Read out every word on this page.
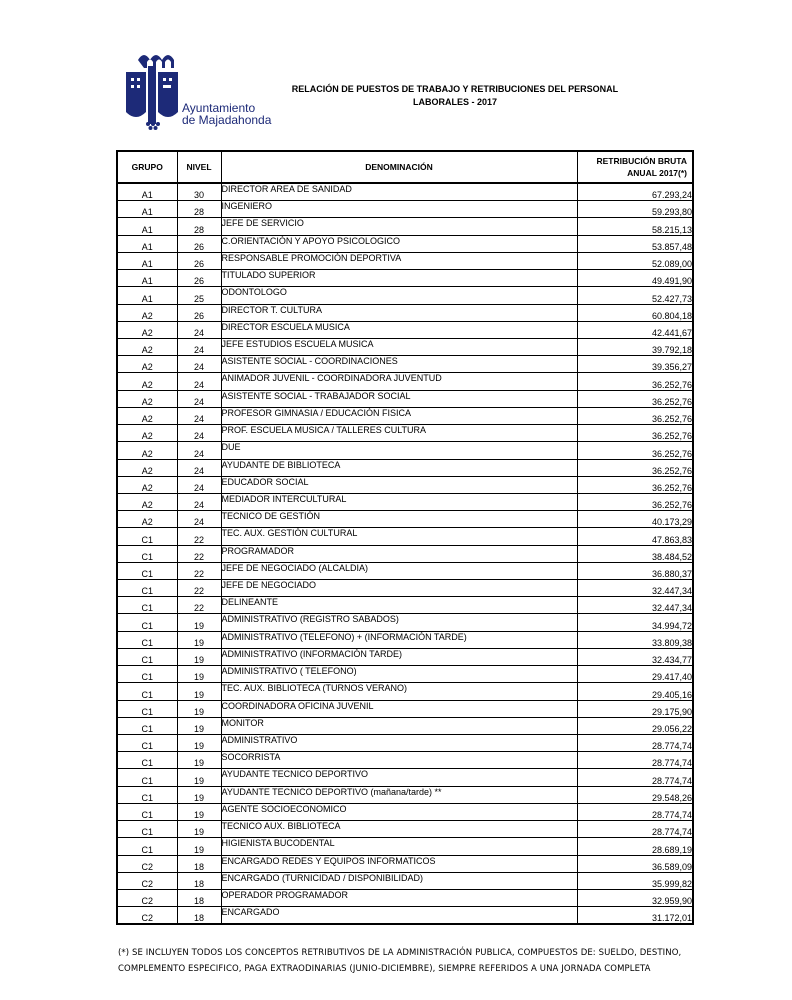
Ayuntamiento
de Majadahonda
RELACIÓN DE PUESTOS DE TRABAJO Y RETRIBUCIONES DEL PERSONAL
LABORALES - 2017
GRUPO	NIVEL	DENOMINACIÓN	RETRIBUCIÓN BRUTA
ANUAL 2017(*)
A1	30	DIRECTOR AREA DE SANIDAD	67.293,24
A1	28	INGENIERO	59.293,80
A1	28	JEFE DE SERVICIO	58.215,13
A1	26	C.ORIENTACIÓN Y APOYO PSICOLOGICO	53.857,48
A1	26	RESPONSABLE PROMOCIÓN DEPORTIVA	52.089,00
A1	26	TITULADO SUPERIOR	49.491,90
A1	25	ODONTOLOGO	52.427,73
A2	26	DIRECTOR T. CULTURA	60.804,18
A2	24	DIRECTOR ESCUELA MUSICA	42.441,67
A2	24	JEFE ESTUDIOS ESCUELA MUSICA	39.792,18
A2	24	ASISTENTE SOCIAL - COORDINACIONES	39.356,27
A2	24	ANIMADOR JUVENIL - COORDINADORA JUVENTUD	36.252,76
A2	24	ASISTENTE SOCIAL - TRABAJADOR SOCIAL	36.252,76
A2	24	PROFESOR GIMNASIA / EDUCACIÓN FISICA	36.252,76
A2	24	PROF. ESCUELA MUSICA / TALLERES CULTURA	36.252,76
A2	24	DUE	36.252,76
A2	24	AYUDANTE DE BIBLIOTECA	36.252,76
A2	24	EDUCADOR SOCIAL	36.252,76
A2	24	MEDIADOR INTERCULTURAL	36.252,76
A2	24	TECNICO DE GESTIÓN	40.173,29
C1	22	TEC. AUX. GESTIÓN CULTURAL	47.863,83
C1	22	PROGRAMADOR	38.484,52
C1	22	JEFE DE NEGOCIADO (ALCALDIA)	36.880,37
C1	22	JEFE DE NEGOCIADO	32.447,34
C1	22	DELINEANTE	32.447,34
C1	19	ADMINISTRATIVO (REGISTRO SABADOS)	34.994,72
C1	19	ADMINISTRATIVO (TELEFONO) + (INFORMACIÓN TARDE)	33.809,38
C1	19	ADMINISTRATIVO (INFORMACIÓN TARDE)	32.434,77
C1	19	ADMINISTRATIVO ( TELEFONO)	29.417,40
C1	19	TEC. AUX. BIBLIOTECA (TURNOS VERANO)	29.405,16
C1	19	COORDINADORA OFICINA JUVENIL	29.175,90
C1	19	MONITOR	29.056,22
C1	19	ADMINISTRATIVO	28.774,74
C1	19	SOCORRISTA	28.774,74
C1	19	AYUDANTE TECNICO DEPORTIVO	28.774,74
C1	19	AYUDANTE TECNICO DEPORTIVO (mañana/tarde) **	29.548,26
C1	19	AGENTE SOCIOECONOMICO	28.774,74
C1	19	TECNICO AUX. BIBLIOTECA	28.774,74
C1	19	HIGIENISTA BUCODENTAL	28.689,19
C2	18	ENCARGADO REDES Y EQUIPOS INFORMATICOS	36.589,09
C2	18	ENCARGADO (TURNICIDAD / DISPONIBILIDAD)	35.999,82
C2	18	OPERADOR PROGRAMADOR	32.959,90
C2	18	ENCARGADO	31.172,01
(*) SE INCLUYEN TODOS LOS CONCEPTOS RETRIBUTIVOS DE LA ADMINISTRACIÓN PUBLICA, COMPUESTOS DE: SUELDO, DESTINO,
COMPLEMENTO ESPECIFICO, PAGA EXTRAODINARIAS (JUNIO-DICIEMBRE), SIEMPRE REFERIDOS A UNA JORNADA COMPLETA
